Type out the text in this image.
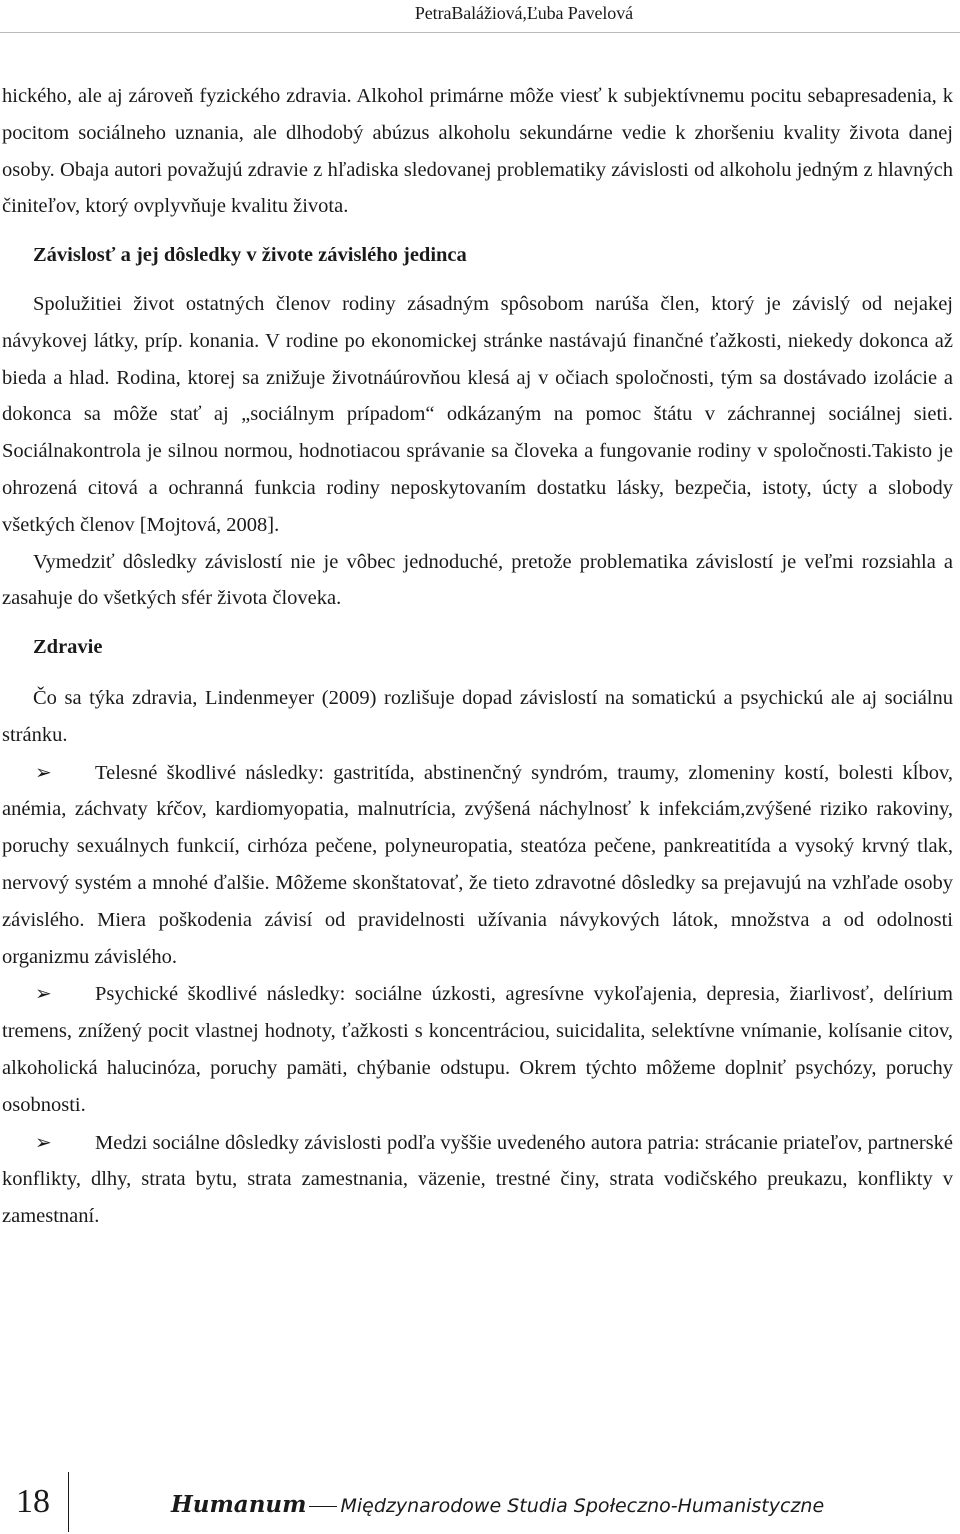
PetraBalážiová,Ľuba Pavelová

hického, ale aj zároveň fyzického zdravia. Alkohol primárne môže viesť k subjektívnemu pocitu sebapresadenia, k pocitom sociálneho uznania, ale dlhodobý abúzus alkoholu sekundárne vedie k zhoršeniu kvality života danej osoby. Obaja autori považujú zdravie z hľadiska sledovanej problematiky závislosti od alkoholu jedným z hlavných činiteľov, ktorý ovplyvňuje kvalitu života.

Závislosť a jej dôsledky v živote závislého jedinca

Spolužitiei život ostatných členov rodiny zásadným spôsobom narúša člen, ktorý je závislý od nejakej návykovej látky, príp. konania. V rodine po ekonomickej stránke nastávajú finančné ťažkosti, niekedy dokonca až bieda a hlad. Rodina, ktorej sa znižuje životnáúrovňou klesá aj v očiach spoločnosti, tým sa dostávado izolácie a dokonca sa môže stať aj „sociálnym prípadom“ odkázaným na pomoc štátu v záchrannej sociálnej sieti. Sociálnakontrola je silnou normou, hodnotiacou správanie sa človeka a fungovanie rodiny v spoločnosti.Takisto je ohrozená citová a ochranná funkcia rodiny neposkytovaním dostatku lásky, bezpečia, istoty, úcty a slobody všetkých členov [Mojtová, 2008].

Vymedziť dôsledky závislostí nie je vôbec jednoduché, pretože problematika závislostí je veľmi rozsiahla a zasahuje do všetkých sfér života človeka.

Zdravie

Čo sa týka zdravia, Lindenmeyer (2009) rozlišuje dopad závislostí na somatickú a psychickú ale aj sociálnu stránku.

➢ Telesné škodlivé následky: gastritída, abstinenčný syndróm, traumy, zlomeniny kostí, bolesti kĺbov, anémia, záchvaty kŕčov, kardiomyopatia, malnutrícia, zvýšená náchylnosť k infekciám,zvýšené riziko rakoviny, poruchy sexuálnych funkcií, cirhóza pečene, polyneuropatia, steatóza pečene, pankreatitída a vysoký krvný tlak, nervový systém a mnohé ďalšie. Môžeme skonštatovať, že tieto zdravotné dôsledky sa prejavujú na vzhľade osoby závislého. Miera poškodenia závisí od pravidelnosti užívania návykových látok, množstva a od odolnosti organizmu závislého.

➢ Psychické škodlivé následky: sociálne úzkosti, agresívne vykoľajenia, depresia, žiarlivosť, delírium tremens, znížený pocit vlastnej hodnoty, ťažkosti s koncentráciou, suicidalita, selektívne vnímanie, kolísanie citov, alkoholická halucinóza, poruchy pamäti, chýbanie odstupu. Okrem týchto môžeme doplniť psychózy, poruchy osobnosti.

➢ Medzi sociálne dôsledky závislosti podľa vyššie uvedeného autora patria: strácanie priateľov, partnerské konflikty, dlhy, strata bytu, strata zamestnania, väzenie, trestné činy, strata vodičského preukazu, konflikty v zamestnaní.

18	Humanum Międzynarodowe Studia Społeczno-Humanistyczne
